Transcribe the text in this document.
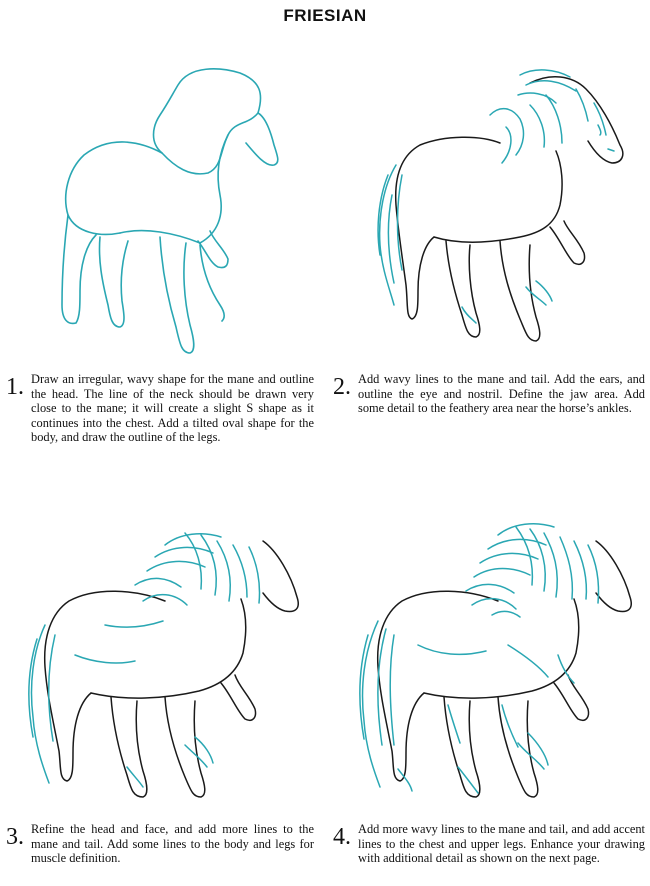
FRIESIAN
1. Draw an irregular, wavy shape for the mane and outline the head. The line of the neck should be drawn very close to the mane; it will create a slight S shape as it continues into the chest. Add a tilted oval shape for the body, and draw the outline of the legs.
2. Add wavy lines to the mane and tail. Add the ears, and outline the eye and nostril. Define the jaw area. Add some detail to the feathery area near the horse’s ankles.
3. Refine the head and face, and add more lines to the mane and tail. Add some lines to the body and legs for muscle definition.
4. Add more wavy lines to the mane and tail, and add accent lines to the chest and upper legs. Enhance your drawing with additional detail as shown on the next page.
